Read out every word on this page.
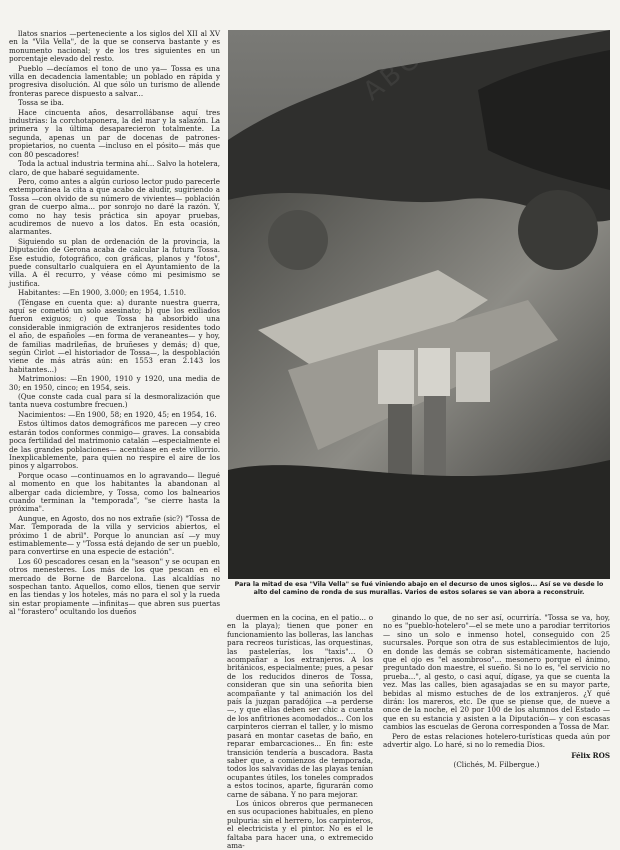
llatos snarios —perteneciente a los siglos del XII al XV en la "Vila Vella", de la que se conserva bastante y es monumento nacional; y de los tres siguientes en un porcentaje elevado del resto.

Pueblo —decíamos el tono de uno ya— Tossa es una villa en decadencia lamentable; un poblado en rápida y progresiva disolución. Al que sólo un turismo de allende fronteras parece dispuesto a salvar...

Tossa se iba.

Hace cincuenta años, desarrollábanse aquí tres industrias: la corchotaponera, la del mar y la salazón. La primera y la última desaparecieron totalmente. La segunda, apenas un par de docenas de patrones-propietarios, no cuenta —incluso en el pósito— más que con 80 pescadores!

Toda la actual industria termina ahí... Salvo la hotelera, claro, de que habaré seguidamente.

Pero, como antes a algún curioso lector pudo parecerle extemporánea la cita a que acabo de aludir, sugiriendo a Tossa —con olvido de su número de vivientes— población gran de cuerpo alma... por sonrojo no daré la razón. Y, como no hay tesis práctica sin apoyar pruebas, acudiremos de nuevo a los datos. En esta ocasión, alarmantes.

Siguiendo su plan de ordenación de la provincia, la Diputación de Gerona acaba de calcular la futura Tossa. Ese estudio, fotográfico, con gráficas, planos y "fotos", puede consultarlo cualquiera en el Ayuntamiento de la villa. A él recurro, y véase cómo mi pesimismo se justifica.

Habitantes: —En 1900, 3.000; en 1954, 1.510.

(Téngase en cuenta que: a) durante nuestra guerra, aquí se cometió un solo asesinato; b) que los exiliados fueron exiguos; c) que Tossa ha absorbido una considerable inmigración de extranjeros residentes todo el año, de españoles —en forma de veraneantes— y hoy, de familias madrileñas, de bruñeses y demás; d) que, según Cirlot —el historiador de Tossa—, la despoblación viene de más atrás aún: en 1553 eran 2.143 los habitantes...)

Matrimonios: —En 1900, 1910 y 1920, una media de 30; en 1950, cinco; en 1954, seis.

(Que conste cada cual para sí la desmoralización que tanta nueva costumbre frecuen.)

Nacimientos: —En 1900, 58; en 1920, 45; en 1954, 16.

Estos últimos datos demográficos me parecen —y creo estarán todos conformes conmigo— graves. La consabida poca fertilidad del matrimonio catalán —especialmente el de las grandes poblaciones— acentúase en este villorrio. Inexplicablemente, para quien no respire el aire de los pinos y algarrobos.

Porque ocaso —continuamos en lo agravando— llegué al momento en que los habitantes la abandonan al albergar cada diciembre, y Tossa, como los balnearios cuando terminan la "temporada", "se cierre hasta la próxima".

Aunque, en Agosto, dos no nos extrañe (sic?) "Tossa de Mar. Temporada de la villa y servicios abiertos, el próximo 1 de abril". Porque lo anuncian así —y muy estimablemente— y "Tossa está dejando de ser un pueblo, para convertirse en una especie de estación".

Los 60 pescadores cesan en la "season" y se ocupan en otros menesteres. Los más de los que pescan en el mercado de Borne de Barcelona. Las alcaldías no sospechan tanto. Aquellos, como ellos, tienen que servir en las tiendas y los hoteles, más no para el sol y la rueda sin estar propiamente —infinitas— que abren sus puertas al "forastero" ocultando los dueños

Para la mitad de esa "Vila Vella" se fué viniendo abajo en el decurso de unos siglos... Así se ve desde lo alto del camino de ronda de sus murallas. Varios de estos solares se van abora a reconstruir.

duermen en la cocina, en el patio... o en la playa); tienen que poner en funcionamiento las bolleras, las lanchas para recreos turísticas, las orquestinas, las pastelerías, los "taxis"... O acompañar a los extranjeros. A los británicos, especialmente; pues, a pesar de los reducidos dineros de Tossa, consideran que sin una señorita bien acompañante y tal animación los del país la juzgan paradójica —a perderse—, y que ellas deben ser chic a cuenta de los anfitriones acomodados... Con los carpinteros cierran el taller, y lo mismo pasará en montar casetas de baño, en reparar embarcaciones... En fin: este transición tendería a buscadora. Basta saber que, a comienzos de temporada, todos los salvavidas de las playas tenían ocupantes útiles, los toneles comprados a estos tocinos, aparte, figurarán como carne de sábana. Y no para mejorar.

Los únicos obreros que permanecen en sus ocupaciones habituales, en pleno pulpuria: sin el herrero, los carpinteros, el electricista y el pintor. No es el le faltaba para hacer una, o extremecido ama-

ginando lo que, de no ser así, ocurriría. "Tossa se va, hoy, no es "pueblo-hotelero"—el se mete uno a parodiar territorios— sino un solo e inmenso hotel, conseguido con 25 sucursales. Porque son otra de sus establecimientos de lujo, en donde las demás se cobran sistemáticamente, haciendo que el ojo es "el asombroso"... mesonero porque el ánimo, preguntado don maestre, el sueño. Si no lo es, "el servicio no prueba...", al gesto, o casi aquí, dígase, ya que se cuenta la vez. Mas las calles, bien agasajadas se en su mayor parte, bebidas al mismo estuches de de los extranjeros. ¿Y qué dirán: los mareros, etc. De que se piense que, de nueve a once de la noche, el 20 por 100 de los alumnos del Estado —que en su estancia y asisten a la Diputación— y con escasas cambios las escuelas de Gerona corresponden a Tossa de Mar.

Pero de estas relaciones hotelero-turísticas queda aún por advertir algo. Lo haré, si no lo remedia Dios.

Félix ROS
(Clichés, M. Filbergue.)
ABC
